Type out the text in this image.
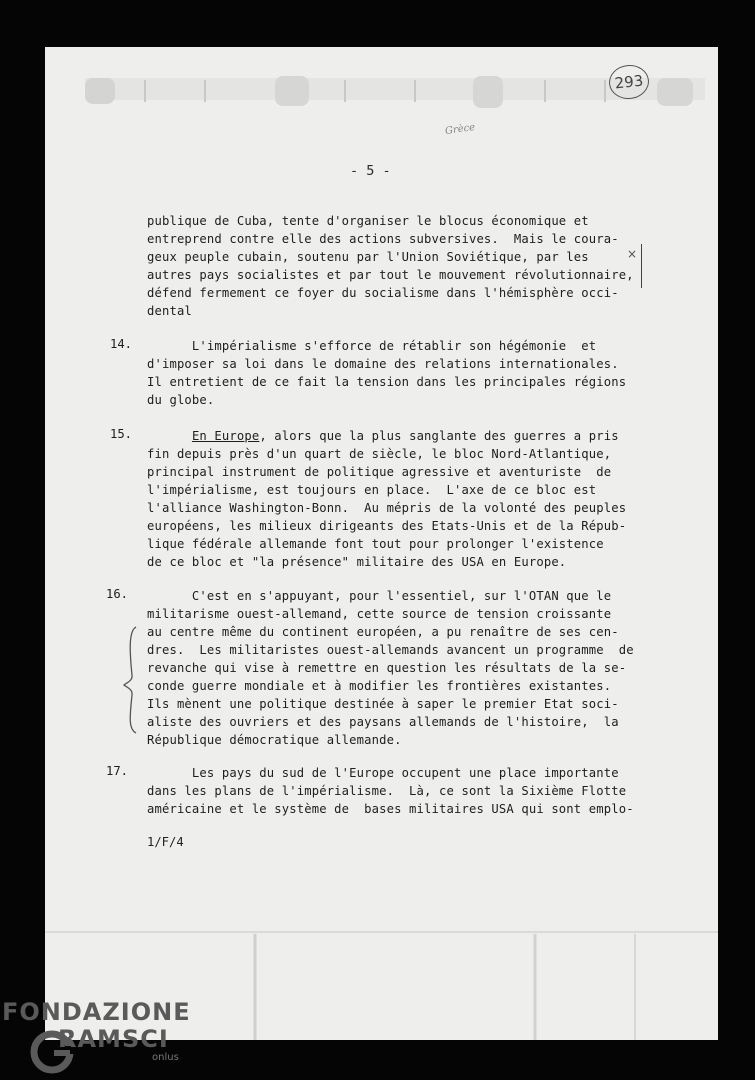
293
Grèce
- 5 -
publique de Cuba, tente d'organiser le blocus économique et
entreprend contre elle des actions subversives.  Mais le coura-
geux peuple cubain, soutenu par l'Union Soviétique, par les
autres pays socialistes et par tout le mouvement révolutionnaire,
défend fermement ce foyer du socialisme dans l'hémisphère occi-
dental
×
14. L'impérialisme s'efforce de rétablir son hégémonie  et
d'imposer sa loi dans le domaine des relations internationales.
Il entretient de ce fait la tension dans les principales régions
du globe.
15.	En Europe, alors que la plus sanglante des guerres a pris
fin depuis près d'un quart de siècle, le bloc Nord-Atlantique,
principal instrument de politique agressive et aventuriste  de
l'impérialisme, est toujours en place.  L'axe de ce bloc est
l'alliance Washington-Bonn.  Au mépris de la volonté des peuples
européens, les milieux dirigeants des Etats-Unis et de la Répub-
lique fédérale allemande font tout pour prolonger l'existence
de ce bloc et "la présence" militaire des USA en Europe.
16. C'est en s'appuyant, pour l'essentiel, sur l'OTAN que le
militarisme ouest-allemand, cette source de tension croissante
au centre même du continent européen, a pu renaître de ses cen-
dres.  Les militaristes ouest-allemands avancent un programme  de
revanche qui vise à remettre en question les résultats de la se-
conde guerre mondiale et à modifier les frontières existantes.
Ils mènent une politique destinée à saper le premier Etat soci-
aliste des ouvriers et des paysans allemands de l'histoire,  la
République démocratique allemande.
17. Les pays du sud de l'Europe occupent une place importante
dans les plans de l'impérialisme.  Là, ce sont la Sixième Flotte
américaine et le système de  bases militaires USA qui sont emplo-
1/F/4
FONDAZIONE
RAMSCI
onlus
